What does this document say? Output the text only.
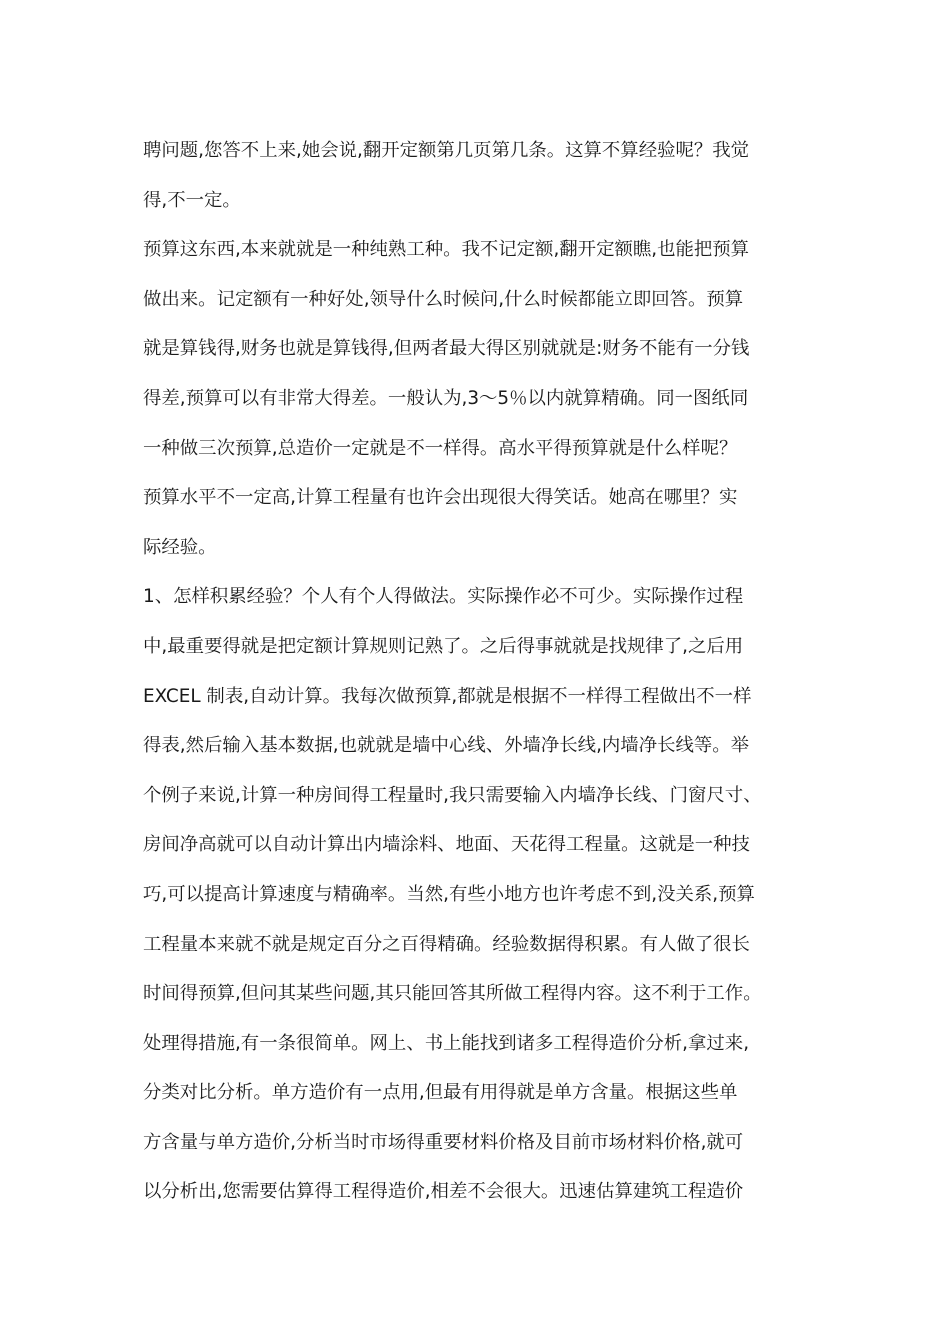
聘问题,您答不上来,她会说,翻开定额第几页第几条。这算不算经验呢？我觉
得,不一定。
预算这东西,本来就就是一种纯熟工种。我不记定额,翻开定额瞧,也能把预算
做出来。记定额有一种好处,领导什么时候问,什么时候都能立即回答。预算
就是算钱得,财务也就是算钱得,但两者最大得区别就就是:财务不能有一分钱
得差,预算可以有非常大得差。一般认为,3～5％以内就算精确。同一图纸同
一种做三次预算,总造价一定就是不一样得。高水平得预算就是什么样呢？
预算水平不一定高,计算工程量有也许会出现很大得笑话。她高在哪里？实
际经验。
1、怎样积累经验？个人有个人得做法。实际操作必不可少。实际操作过程
中,最重要得就是把定额计算规则记熟了。之后得事就就是找规律了,之后用
EXCEL 制表,自动计算。我每次做预算,都就是根据不一样得工程做出不一样
得表,然后输入基本数据,也就就是墙中心线、外墙净长线,内墙净长线等。举
个例子来说,计算一种房间得工程量时,我只需要输入内墙净长线、门窗尺寸、
房间净高就可以自动计算出内墙涂料、地面、天花得工程量。这就是一种技
巧,可以提高计算速度与精确率。当然,有些小地方也许考虑不到,没关系,预算
工程量本来就不就是规定百分之百得精确。经验数据得积累。有人做了很长
时间得预算,但问其某些问题,其只能回答其所做工程得内容。这不利于工作。
处理得措施,有一条很简单。网上、书上能找到诸多工程得造价分析,拿过来,
分类对比分析。单方造价有一点用,但最有用得就是单方含量。根据这些单
方含量与单方造价,分析当时市场得重要材料价格及目前市场材料价格,就可
以分析出,您需要估算得工程得造价,相差不会很大。迅速估算建筑工程造价
